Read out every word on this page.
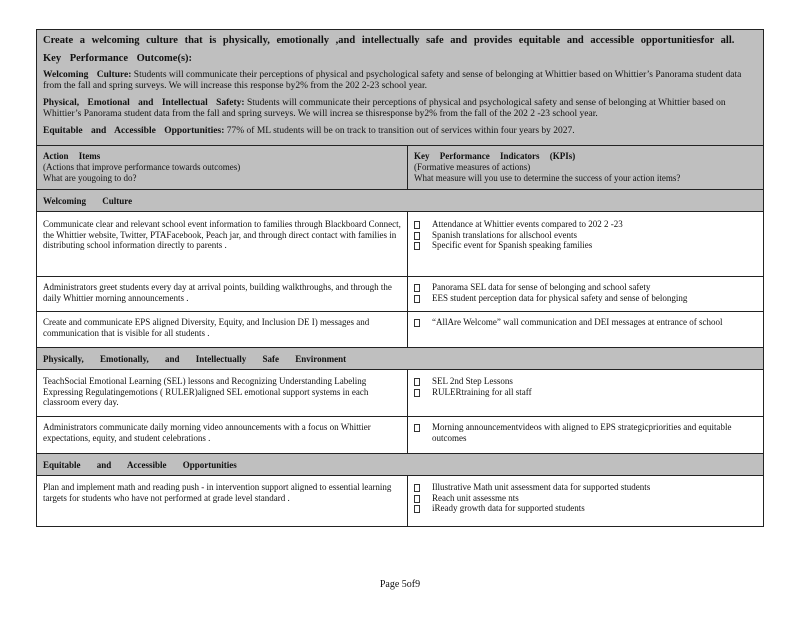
Create a welcoming culture that is physically, emotionally ,and intellectually safe and provides equitable and accessible opportunitiesfor all.
Key Performance Outcome(s):
Welcoming Culture: Students will communicate their perceptions of physical and psychological safety and sense of belonging at Whittier based on Whittier’s Panorama student data from the fall and spring surveys. We will increase this response by2% from the 202 2-23 school year.
Physical, Emotional and Intellectual Safety: Students will communicate their perceptions of physical and psychological safety and sense of belonging at Whittier based on Whittier’s Panorama student data from the fall and spring surveys. We will increa se thisresponse by2% from the fall of the 202 2 -23 school year.
Equitable and Accessible Opportunities: 77% of ML students will be on track to transition out of services within four years by 2027.
Action Items
(Actions that improve performance towards outcomes)
What are yougoing to do?
Key Performance Indicators (KPIs)
(Formative measures of actions)
What measure will you use to determine the success of your action items?
Welcoming Culture
Communicate clear and relevant school event information to families through Blackboard Connect, the Whittier website, Twitter, PTAFacebook, Peach jar, and through direct contact with families in distributing school information directly to parents .
Attendance at Whittier events compared to 202 2 -23
Spanish translations for allschool events
Specific event for Spanish speaking families
Administrators greet students every day at arrival points, building walkthroughs, and through the daily Whittier morning announcements .
Panorama SEL data for sense of belonging and school safety
EES student perception data for physical safety and sense of belonging
Create and communicate EPS aligned Diversity, Equity, and Inclusion DE I) messages and communication that is visible for all students .
“AllAre Welcome” wall communication and DEI messages at entrance of school
Physically, Emotionally, and Intellectually Safe Environment
TeachSocial Emotional Learning (SEL) lessons and Recognizing Understanding Labeling Expressing Regulatingemotions ( RULER)aligned SEL emotional support systems in each classroom every day.
SEL 2nd Step Lessons
RULERtraining for all staff
Administrators communicate daily morning video announcements with a focus on Whittier expectations, equity, and student celebrations .
Morning announcementvideos with aligned to EPS strategicpriorities and equitable outcomes
Equitable and Accessible Opportunities
Plan and implement math and reading push - in intervention support aligned to essential learning targets for students who have not performed at grade level standard .
Illustrative Math unit assessment data for supported students
Reach unit assessme nts
iReady growth data for supported students
Page 5of9
